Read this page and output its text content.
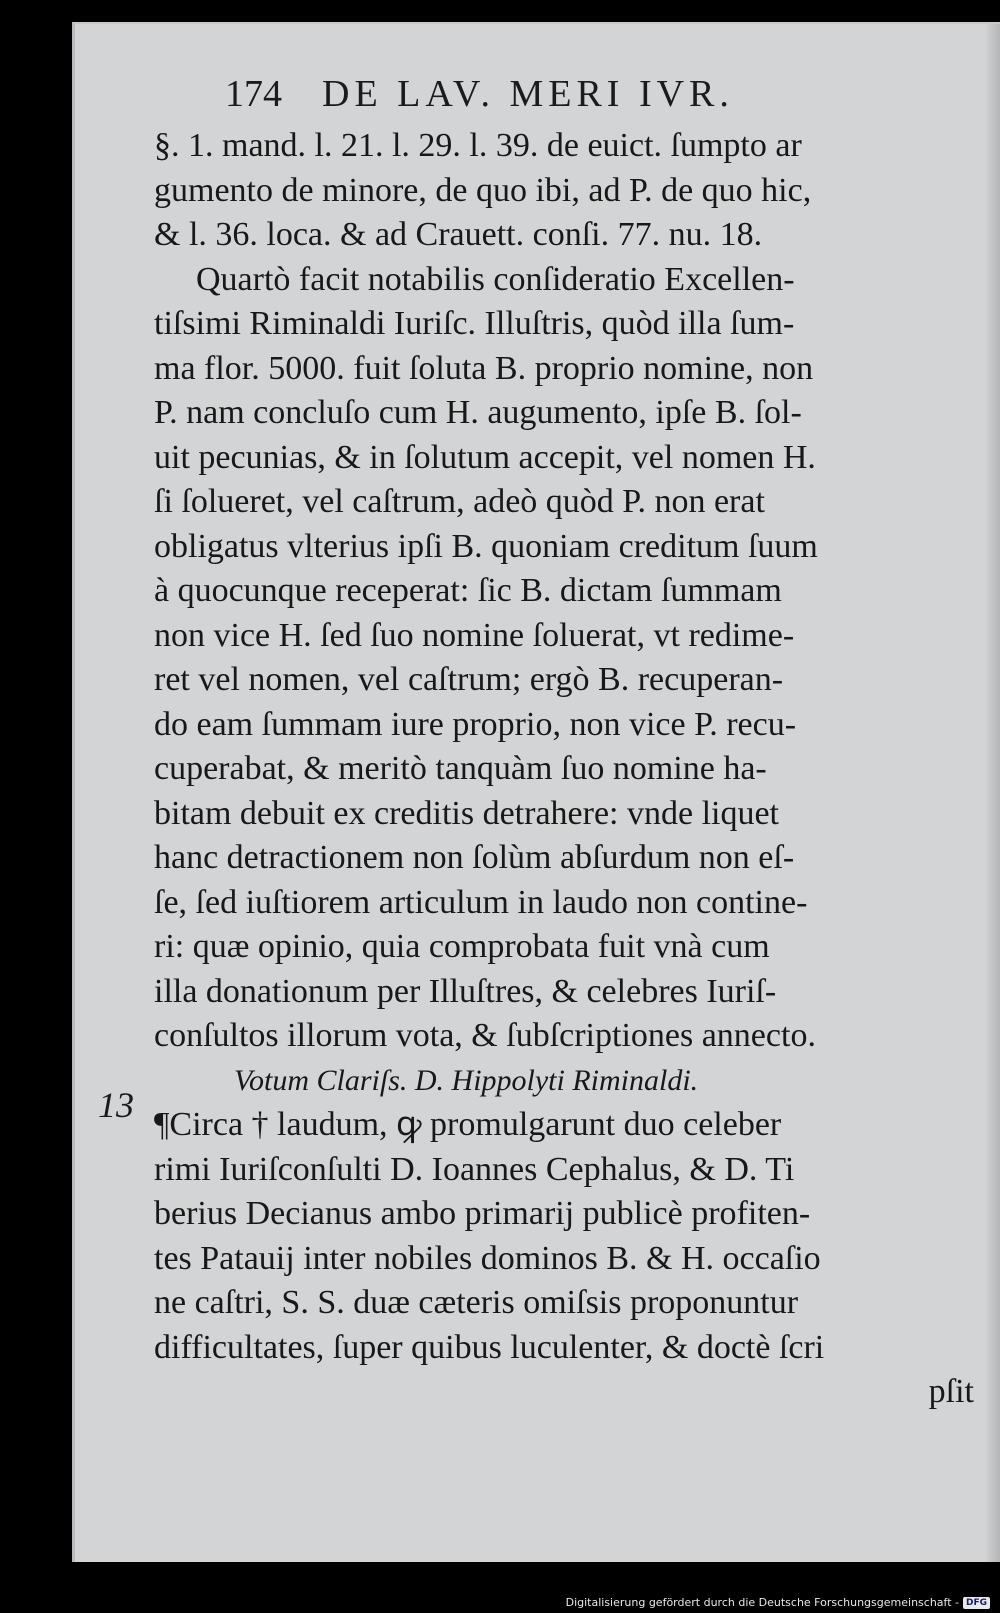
174 DE LAV. MERI IVR.
§. 1. mand. l. 21. l. 29. l. 39. de euict. ſumpto ar
gumento de minore, de quo ibi, ad P. de quo hic,
& l. 36. loca. & ad Crauett. conſi. 77. nu. 18.
Quartò facit notabilis conſideratio Excellen-
tiſsimi Riminaldi Iuriſc. Illuſtris, quòd illa ſum-
ma flor. 5000. fuit ſoluta B. proprio nomine, non
P. nam concluſo cum H. augumento, ipſe B. ſol-
uit pecunias, & in ſolutum accepit, vel nomen H.
ſi ſolueret, vel caſtrum, adeò quòd P. non erat
obligatus vlterius ipſi B. quoniam creditum ſuum
à quocunque receperat: ſic B. dictam ſummam
non vice H. ſed ſuo nomine ſoluerat, vt redime-
ret vel nomen, vel caſtrum; ergò B. recuperan-
do eam ſummam iure proprio, non vice P. recu-
cuperabat, & meritò tanquàm ſuo nomine ha-
bitam debuit ex creditis detrahere: vnde liquet
hanc detractionem non ſolùm abſurdum non eſ-
ſe, ſed iuſtiorem articulum in laudo non contine-
ri: quæ opinio, quia comprobata fuit vnà cum
illa donationum per Illuſtres, & celebres Iuriſ-
conſultos illorum vota, & ſubſcriptiones annecto.
Votum Clariſs. D. Hippolyti Riminaldi.
¶Circa † laudum, ꝙ promulgarunt duo celeber
rimi Iuriſconſulti D. Ioannes Cephalus, & D. Ti
berius Decianus ambo primarij publicè profiten-
tes Patauij inter nobiles dominos B. & H. occaſio
ne caſtri, S. S. duæ cæteris omiſsis proponuntur
difficultates, ſuper quibus luculenter, & doctè ſcri
pſit
13
Digitalisierung gefördert durch die Deutsche Forschungsgemeinschaft - DFG
